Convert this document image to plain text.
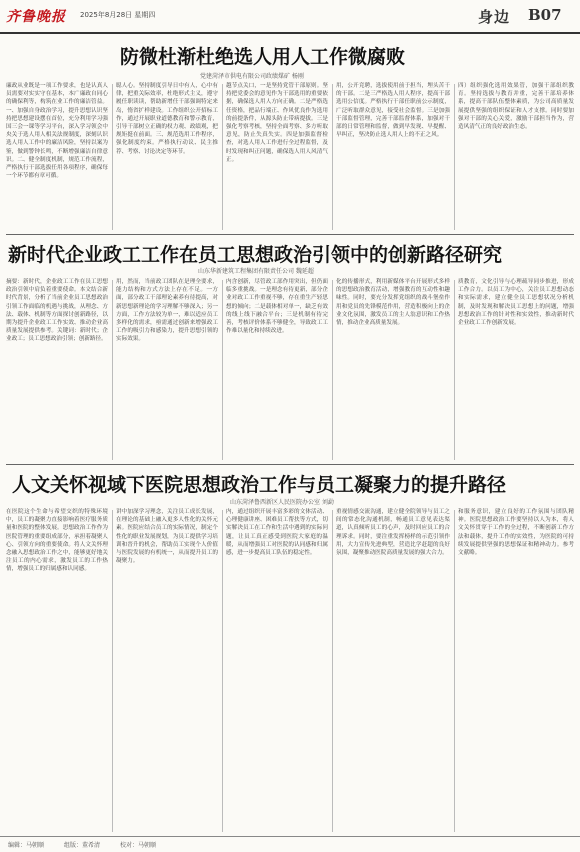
齐鲁晚报 2025年8月28日 星期四	身边 B07
防微杜渐杜绝选人用人工作微腐败
党建菏泽市供电有限公司政绩煤矿 杨刚
廉政从业既是一项工作要求，也是认真人员需要对实实守在基本，本广廉政自同心的确保利等，构筑在业工作的廉洁管益。一、加强自身政治学习，提升思想认识坚持把思想建设摆在首位，充分利用学习强国三会一课等学习平台，深入学习领会中央关于选人用人相关法规制度，深刻认识选人用人工作中的廉洁风险，坚持以案为鉴，做到警钟长鸣，不断增强廉洁自律意识。二、健全制度机制，规范工作流程，严格执行干部选拔任用各项程序，确保每一个环节都有章可循。
聪人心。坚持制度引导日中有人，心中有律，把重关际效率，杜绝形式主义，遵守履任职读读，帮助新增任干部强调特定来岛，惰省扩样建设。工作组织公开招标工作，通过开展职业道德教育和警示教育，引导干部树立正确的权力观、政绩观，把规矩挺在前面。三、规范选用工作程序，强化制度约束。严格执行动议、民主推荐、考察、讨论决定等环节。
越节点关口，一是坚持党管干部原则。坚持把党委会的意见作为干部选用的重要依据，确保选人用人方向正确。二是严格选任资格，把品行端正、作风优良作为选用的前提条件，从源头防止带病提拔。三是强化考察考核，坚持全面考察、多方听取意见，防止失真失实。四是加强监督检查，对选人用人工作进行全过程监督，及时发现和纠正问题，确保选人用人风清气正。
用，公开竞聘，选拔使用前于担当，埋头苦干的干部。二是三严格选人用人程序，提高干部选用公信度。严格执行干部任职前公示制度，广泛听取群众意见，接受社会监督。三是加强干部监督管理，完善干部监督体系，加强对干部的日常管理和监督，做到早发现、早提醒、早纠正，坚决防止选人用人上的不正之风。
四）组织强化选用效果管，加强干部组织教育。坚持选拔与教育并重，完善干部培养体系，提高干部队伍整体素质，为公司高质量发展提供坚强的组织保证和人才支撑。同时要加强对干部的关心关爱，激励干部担当作为，营造风清气正的良好政治生态。
新时代企业政工工作在员工思想政治引领中的创新路径研究
山东华新建筑工程集团有限责任公司 魏延超
摘要：新时代，企业政工工作在员工思想政治引领中肩负着重要使命。本文结合新时代背景，分析了当前企业员工思想政治引领工作面临的机遇与挑战，从理念、方法、载体、机制等方面探讨创新路径，以期为提升企业政工工作实效、推动企业高质量发展提供参考。关键词：新时代；企业政工；员工思想政治引领；创新路径。
用，然而，当前政工团队在是理全要求，能力结构和方式方法上存在不足。一方面，部分政工干部理论素养有待提高，对新思想新理论的学习理解不够深入；另一方面，工作方法较为单一，难以适应员工多样化的需求，亟需通过创新来增强政工工作的吸引力和感染力，提升思想引领的实际效果。
内含创新，尽管政工部作用突出，但仍面临多重挑战。一是理念有待更新，部分企业对政工工作重视不够，存在重生产轻思想的倾向；二是载体相对单一，缺乏有效的线上线下融合平台；三是机制有待完善，考核评价体系不够健全，导致政工工作难以量化和持续改进。
化的传播形式，利用新媒体平台开展形式多样的思想政治教育活动，增强教育的互动性和趣味性。同时，要充分发挥党组织的战斗堡垒作用和党员的先锋模范作用，营造积极向上的企业文化氛围，激发员工的主人翁意识和工作热情，推动企业高质量发展。
质教育，文化引导与心理疏导同步推进，形成工作合力。以员工为中心，关注员工思想动态和实际需求，建立健全员工思想状况分析机制，及时发现和解决员工思想上的问题，增强思想政治工作的针对性和实效性，推动新时代企业政工工作创新发展。
人文关怀视域下医院思想政治工作与员工凝聚力的提升路径
山东菏泽鲁西新区人民医院办公室 刘勐
在医院这个生命与希望交织的特殊环境中，员工的凝聚力直接影响着医疗服务质量和医院的整体发展。思想政治工作作为医院管理的重要组成部分，承担着凝聚人心、引领方向的重要使命。将人文关怀理念融入思想政治工作之中，能够更好地关注员工的内心需求，激发员工的工作热情，增强员工的归属感和认同感。
讲中加深学习理念，关注员工成长发展，在理论的基础上融入更多人性化的关怀元素。医院应结合员工的实际情况，制定个性化的职业发展规划，为员工提供学习培训和晋升的机会，帮助员工实现个人价值与医院发展的有机统一，从而提升员工的凝聚力。
内，通过组织开展丰富多彩的文体活动、心理健康讲座、困难员工帮扶等方式，切实解决员工在工作和生活中遇到的实际问题，让员工真正感受到医院大家庭的温暖，从而增强员工对医院的认同感和归属感，进一步提高员工队伍的稳定性。
重视情感交流沟通，建立健全院领导与员工之间的常态化沟通机制，畅通员工意见表达渠道，认真倾听员工的心声，及时回应员工的合理诉求。同时，要注重发挥榜样的示范引领作用，大力宣传先进典型，营造比学赶超的良好氛围，凝聚推动医院高质量发展的强大合力。
和服务意识，建立良好的工作氛围与团队精神。医院思想政治工作要坚持以人为本，将人文关怀贯穿于工作的全过程，不断创新工作方法和载体，提升工作的实效性，为医院的可持续发展提供坚强的思想保证和精神动力。参考文献略。
编辑：马朝顺	组版：董希清	校对：马朝顺
